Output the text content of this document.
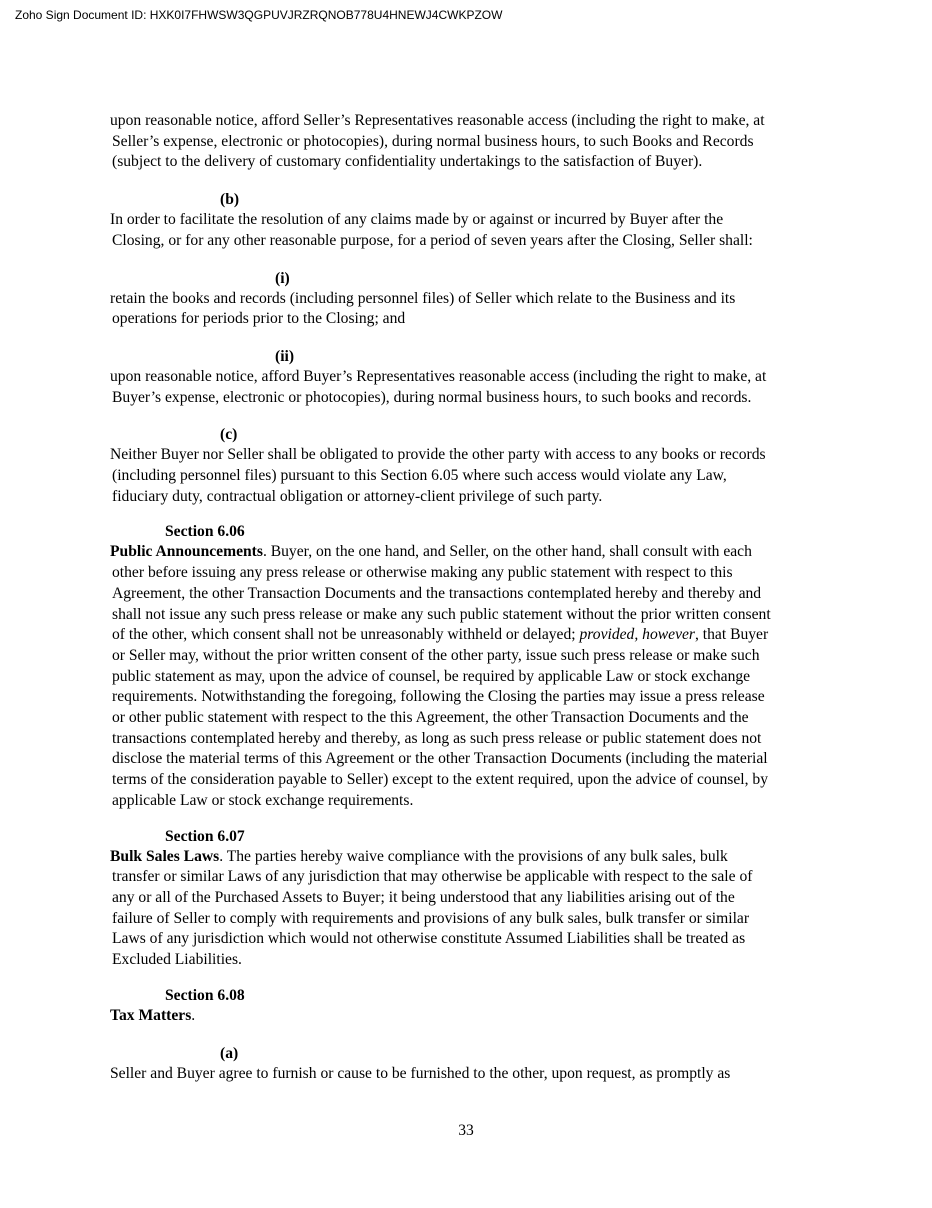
Zoho Sign Document ID: HXK0I7FHWSW3QGPUVJRZRQNOB778U4HNEWJ4CWKPZOW

upon reasonable notice, afford Seller’s Representatives reasonable access (including the right to make, at
Seller’s expense, electronic or photocopies), during normal business hours, to such Books and Records
(subject to the delivery of customary confidentiality undertakings to the satisfaction of Buyer).

(b)

In order to facilitate the resolution of any claims made by or against or incurred by Buyer after the
Closing, or for any other reasonable purpose, for a period of seven years after the Closing, Seller shall:

(i)

retain the books and records (including personnel files) of Seller which relate to the Business and its
operations for periods prior to the Closing; and

(ii)

upon reasonable notice, afford Buyer’s Representatives reasonable access (including the right to make, at
Buyer’s expense, electronic or photocopies), during normal business hours, to such books and records.

(c)

Neither Buyer nor Seller shall be obligated to provide the other party with access to any books or records
(including personnel files) pursuant to this Section 6.05 where such access would violate any Law,
fiduciary duty, contractual obligation or attorney-client privilege of such party.

Section 6.06

Public Announcements. Buyer, on the one hand, and Seller, on the other hand, shall consult with each
other before issuing any press release or otherwise making any public statement with respect to this
Agreement, the other Transaction Documents and the transactions contemplated hereby and thereby and
shall not issue any such press release or make any such public statement without the prior written consent
of the other, which consent shall not be unreasonably withheld or delayed; provided, however, that Buyer
or Seller may, without the prior written consent of the other party, issue such press release or make such
public statement as may, upon the advice of counsel, be required by applicable Law or stock exchange
requirements. Notwithstanding the foregoing, following the Closing the parties may issue a press release
or other public statement with respect to the this Agreement, the other Transaction Documents and the
transactions contemplated hereby and thereby, as long as such press release or public statement does not
disclose the material terms of this Agreement or the other Transaction Documents (including the material
terms of the consideration payable to Seller) except to the extent required, upon the advice of counsel, by
applicable Law or stock exchange requirements.

Section 6.07

Bulk Sales Laws. The parties hereby waive compliance with the provisions of any bulk sales, bulk
transfer or similar Laws of any jurisdiction that may otherwise be applicable with respect to the sale of
any or all of the Purchased Assets to Buyer; it being understood that any liabilities arising out of the
failure of Seller to comply with requirements and provisions of any bulk sales, bulk transfer or similar
Laws of any jurisdiction which would not otherwise constitute Assumed Liabilities shall be treated as
Excluded Liabilities.

Section 6.08

Tax Matters.

(a)

Seller and Buyer agree to furnish or cause to be furnished to the other, upon request, as promptly as

33
